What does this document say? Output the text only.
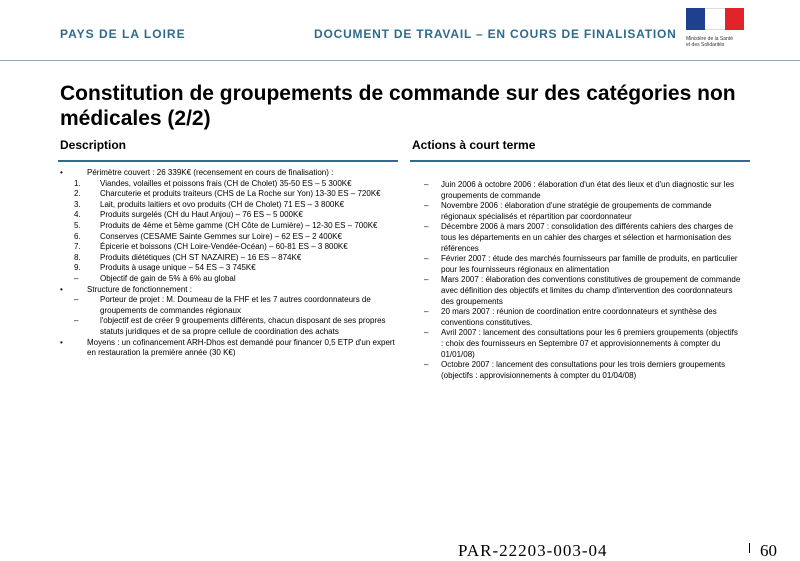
PAYS DE LA LOIRE	DOCUMENT DE TRAVAIL – EN COURS DE FINALISATION Ministère de la Santé
et des Solidarités
Constitution de groupements de commande sur des catégories non médicales (2/2)
Description	Actions à court terme
•	Périmètre couvert : 26 339K€ (recensement en cours de finalisation) :
1. Viandes, volailles et poissons frais (CH de Cholet) 35-50 ES – 5 300K€
2. Charcuterie et produits traiteurs (CHS de La Roche sur Yon) 13-30 ES – 720K€
3. Lait, produits laitiers et ovo produits (CH de Cholet) 71 ES – 3 800K€
4. Produits surgelés (CH du Haut Anjou) – 76 ES – 5 000K€
5. Produits de 4ème et 5ème gamme (CH Côte de Lumière) – 12-30 ES – 700K€
6. Conserves (CESAME Sainte Gemmes sur Loire) – 62 ES – 2 400K€
7. Épicerie et boissons (CH Loire-Vendée-Océan) – 60-81 ES – 3 800K€
8. Produits diététiques (CH ST NAZAIRE) – 16 ES – 874K€
9. Produits à usage unique – 54 ES – 3 745K€
–	Objectif de gain de 5% à 6% au global
•	Structure de fonctionnement :
–	Porteur de projet : M. Doumeau de la FHF et les 7 autres coordonnateurs de groupements de commandes régionaux
–	l'objectif est de créer 9 groupements différents, chacun disposant de ses propres statuts juridiques et de sa propre cellule de coordination des achats
•	Moyens : un cofinancement ARH-Dhos est demandé pour financer 0,5 ETP d'un expert en restauration la première année (30 K€)
– Juin 2006 à octobre 2006 : élaboration d'un état des lieux et d'un diagnostic sur les groupements de commande
– Novembre 2006 : élaboration d'une stratégie de groupements de commande régionaux spécialisés et répartition par coordonnateur
– Décembre 2006 à mars 2007 : consolidation des différents cahiers des charges de tous les départements en un cahier des charges et sélection et harmonisation des références
– Février 2007 : étude des marchés fournisseurs par famille de produits, en particulier pour les fournisseurs régionaux en alimentation
– Mars 2007 : élaboration des conventions constitutives de groupement de commande avec définition des objectifs et limites du champ d'intervention des coordonnateurs des groupements
– 20 mars 2007 : réunion de coordination entre coordonnateurs et synthèse des conventions constitutives.
– Avril 2007 : lancement des consultations pour les 6 premiers groupements (objectifs : choix des fournisseurs en Septembre 07 et approvisionnements à compter du 01/01/08)
– Octobre 2007 : lancement des consultations pour les trois derniers groupements (objectifs : approvisionnements à compter du 01/04/08)
PAR-22203-003-04	60
